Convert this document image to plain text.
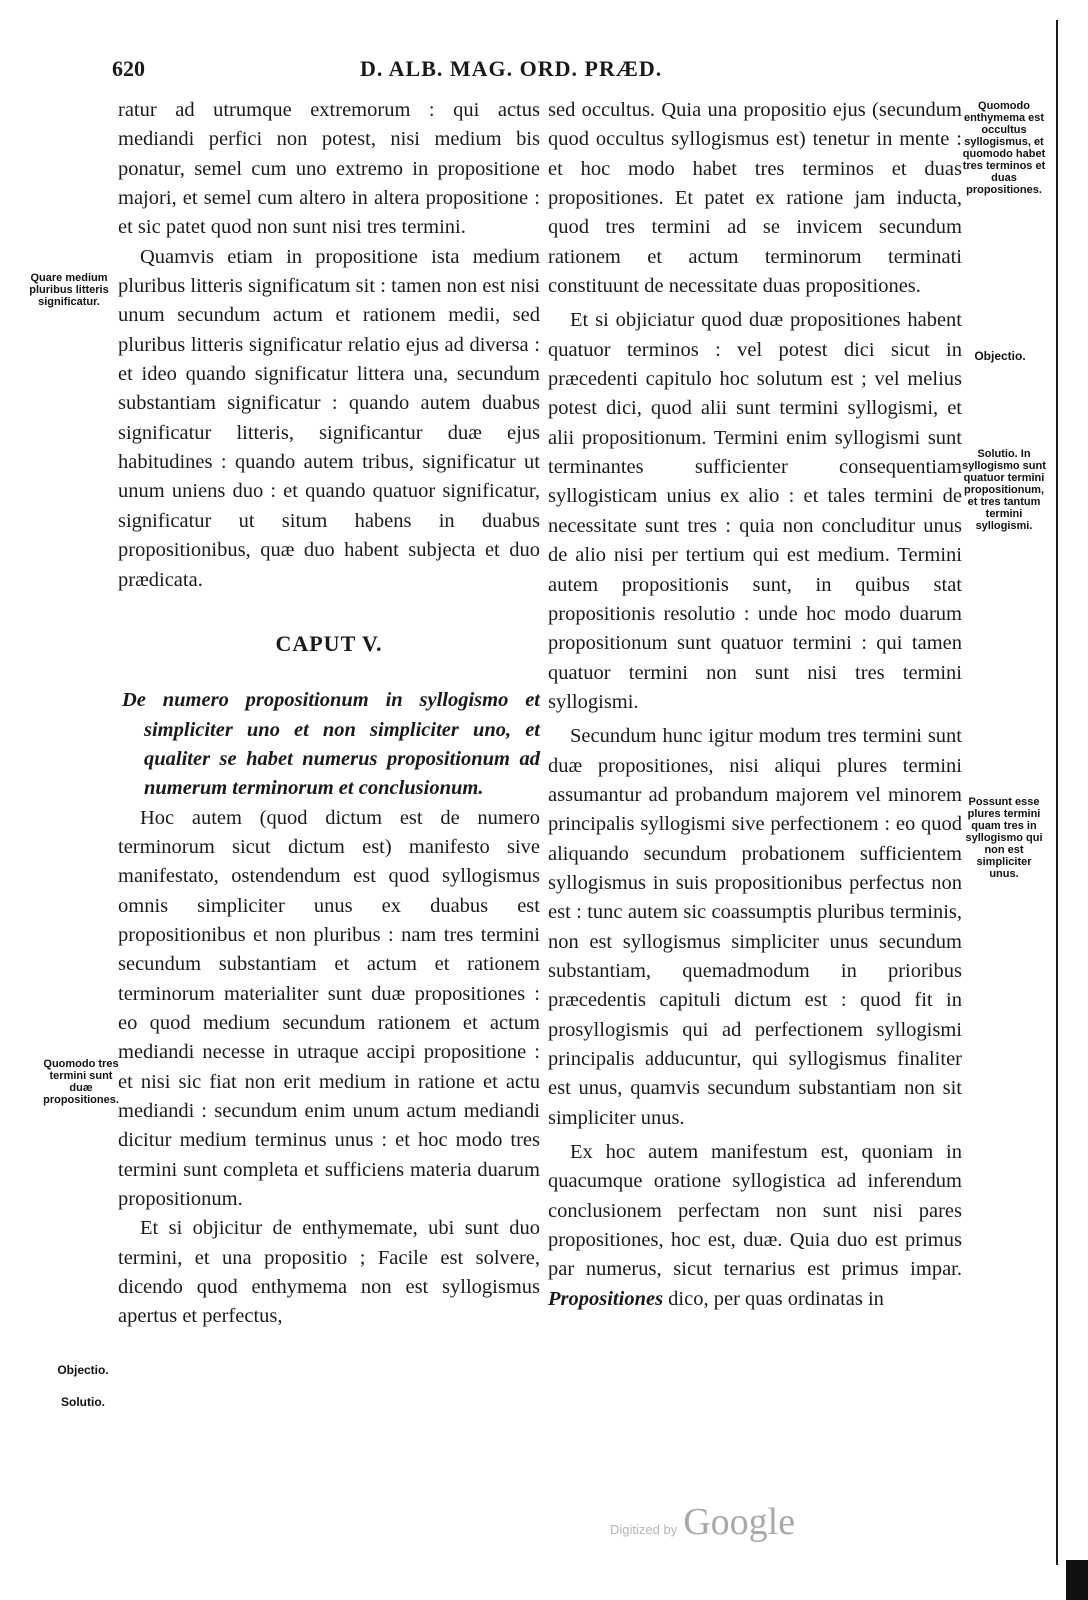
620	D. ALB. MAG. ORD. PRÆD.

ratur ad utrumque extremorum : qui actus mediandi perfici non potest, nisi medium bis ponatur, semel cum uno extremo in propositione majori, et semel cum altero in altera propositione : et sic patet quod non sunt nisi tres termini.

Quamvis etiam in propositione ista medium pluribus litteris significatum sit : tamen non est nisi unum secundum actum et rationem medii, sed pluribus litteris significatur relatio ejus ad diversa : et ideo quando significatur littera una, secundum substantiam significatur : quando autem duabus significatur litteris, significantur duæ ejus habitudines : quando autem tribus, significatur ut unum uniens duo : et quando quatuor significatur, significatur ut situm habens in duabus propositionibus, quæ duo habent subjecta et duo prædicata.

CAPUT V.

De numero propositionum in syllogismo et simpliciter uno et non simpliciter uno, et qualiter se habet numerus propositionum ad numerum terminorum et conclusionum.

Hoc autem (quod dictum est de numero terminorum sicut dictum est) manifesto sive manifestato, ostendendum est quod syllogismus omnis simpliciter unus ex duabus est propositionibus et non pluribus : nam tres termini secundum substantiam et actum et rationem terminorum materialiter sunt duæ propositiones : eo quod medium secundum rationem et actum mediandi necesse in utraque accipi propositione : et nisi sic fiat non erit medium in ratione et actu mediandi : secundum enim unum actum mediandi dicitur medium terminus unus : et hoc modo tres termini sunt completa et sufficiens materia duarum propositionum.

Et si objicitur de enthymemate, ubi sunt duo termini, et una propositio ; Facile est solvere, dicendo quod enthymema non est syllogismus apertus et perfectus,

sed occultus. Quia una propositio ejus (secundum quod occultus syllogismus est) tenetur in mente : et hoc modo habet tres terminos et duas propositiones. Et patet ex ratione jam inducta, quod tres termini ad se invicem secundum rationem et actum terminorum terminati constituunt de necessitate duas propositiones.

Et si objiciatur quod duæ propositiones habent quatuor terminos : vel potest dici sicut in præcedenti capitulo hoc solutum est ; vel melius potest dici, quod alii sunt termini syllogismi, et alii propositionum. Termini enim syllogismi sunt terminantes sufficienter consequentiam syllogisticam unius ex alio : et tales termini de necessitate sunt tres : quia non concluditur unus de alio nisi per tertium qui est medium. Termini autem propositionis sunt, in quibus stat propositionis resolutio : unde hoc modo duarum propositionum sunt quatuor termini : qui tamen quatuor termini non sunt nisi tres termini syllogismi.

Secundum hunc igitur modum tres termini sunt duæ propositiones, nisi aliqui plures termini assumantur ad probandum majorem vel minorem principalis syllogismi sive perfectionem : eo quod aliquando secundum probationem sufficientem syllogismus in suis propositionibus perfectus non est : tunc autem sic coassumptis pluribus terminis, non est syllogismus simpliciter unus secundum substantiam, quemadmodum in prioribus præcedentis capituli dictum est : quod fit in prosyllogismis qui ad perfectionem syllogismi principalis adducuntur, qui syllogismus finaliter est unus, quamvis secundum substantiam non sit simpliciter unus.

Ex hoc autem manifestum est, quoniam in quacumque oratione syllogistica ad inferendum conclusionem perfectam non sunt nisi pares propositiones, hoc est, duæ. Quia duo est primus par numerus, sicut ternarius est primus impar. Propositiones dico, per quas ordinatas in

Quare medium pluribus litteris significatur.
Quomodo tres termini sunt duæ propositiones.
Objectio.
Solutio.
Quomodo enthymema est occultus syllogismus, et quomodo habet tres terminos et duas propositiones.
Objectio.
Solutio. In syllogismo sunt quatuor termini propositionum, et tres tantum termini syllogismi.
Possunt esse plures termini quam tres in syllogismo qui non est simpliciter unus.
Digitized by Google
